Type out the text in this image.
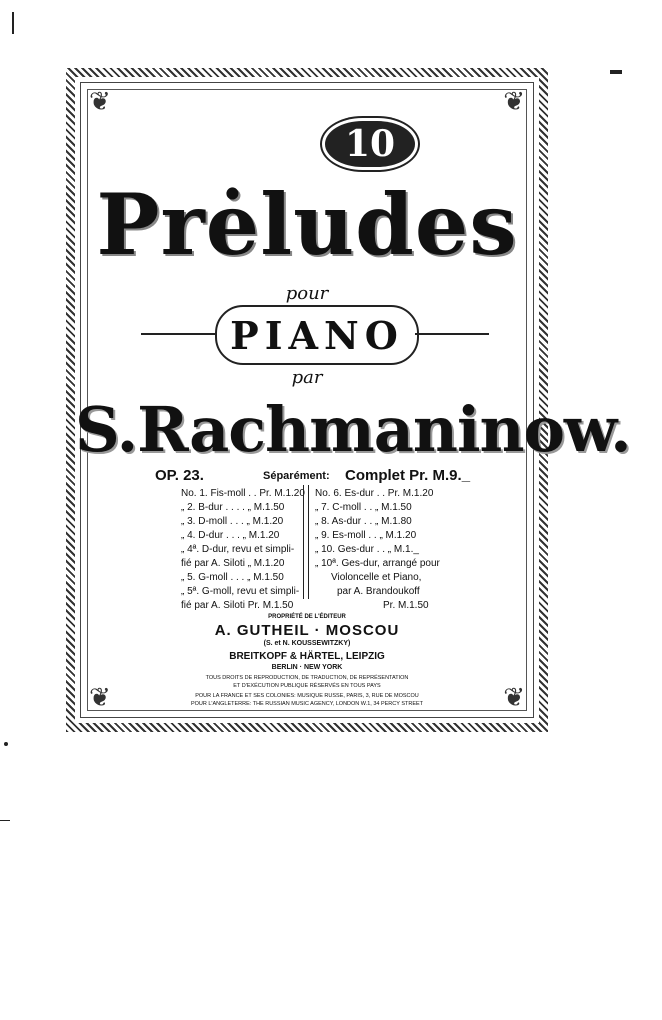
❦	❦
❦	❦
10
Prėludes
pour
PIANO
par
S.Rachmaninow.
OP. 23.	Séparément: Complet Pr. M.9._
No. 1. Fis-moll . . Pr. M.1.20
„ 2. B-dur . . . . „ M.1.50
„ 3. D-moll . . . „ M.1.20
„ 4. D-dur . . . „ M.1.20
„ 4ª. D-dur, revu et simpli-
fié par A. Siloti „ M.1.20
„ 5. G-moll . . . „ M.1.50
„ 5ª. G-moll, revu et simpli-
fié par A. Siloti Pr. M.1.50
No. 6. Es-dur . . Pr. M.1.20
„ 7. C-moll . . „ M.1.50
„ 8. As-dur . . „ M.1.80
„ 9. Es-moll . . „ M.1.20
„ 10. Ges-dur . . „ M.1._
„ 10ª. Ges-dur, arrangé pour
Violoncelle et Piano,
par A. Brandoukoff
Pr. M.1.50
PROPRIÉTÉ DE L'ÉDITEUR
A. GUTHEIL · MOSCOU
(S. et N. KOUSSEWITZKY)
BREITKOPF & HÄRTEL, LEIPZIG
BERLIN · NEW YORK
TOUS DROITS DE REPRODUCTION, DE TRADUCTION, DE REPRÉSENTATION
ET D'EXÉCUTION PUBLIQUE RÉSERVÉS EN TOUS PAYS
POUR LA FRANCE ET SES COLONIES: MUSIQUE RUSSE, PARIS, 3, RUE DE MOSCOU
POUR L'ANGLETERRE: THE RUSSIAN MUSIC AGENCY, LONDON W.1, 34 PERCY STREET
